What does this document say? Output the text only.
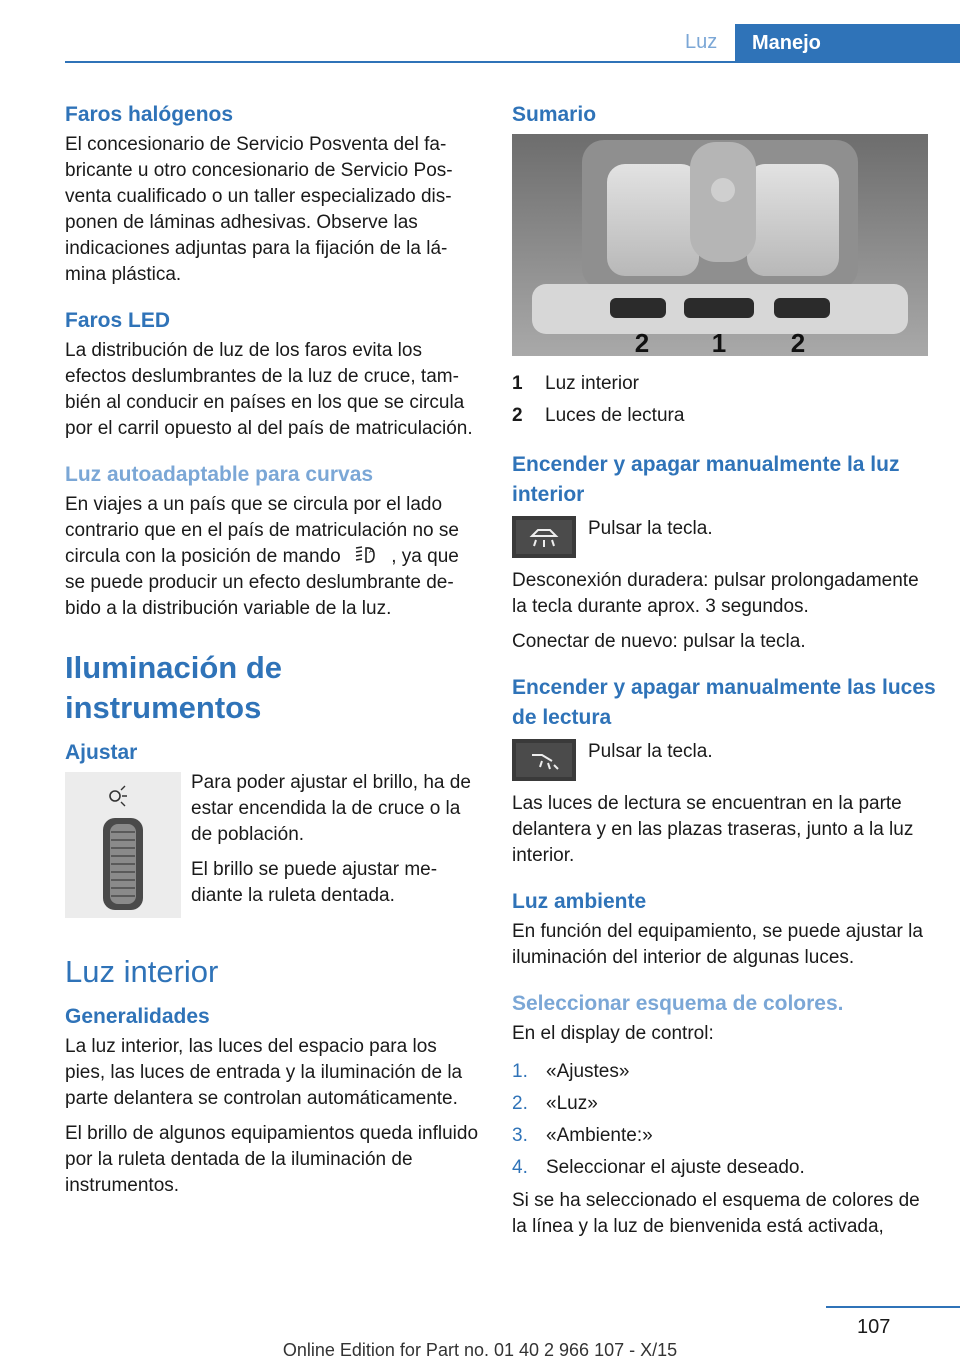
Luz	Manejo
Faros halógenos

El concesionario de Servicio Posventa del fabricante u otro concesionario de Servicio Posventa cualificado o un taller especializado disponen de láminas adhesivas. Observe las indicaciones adjuntas para la fijación de la lámina plástica.

Faros LED

La distribución de luz de los faros evita los efectos deslumbrantes de la luz de cruce, también al conducir en países en los que se circula por el carril opuesto al del país de matriculación.

Luz autoadaptable para curvas

En viajes a un país que se circula por el lado contrario que en el país de matriculación no se circula con la posición de mando	A , ya que se puede producir un efecto deslumbrante debido a la distribución variable de la luz.

Iluminación de instrumentos
Ajustar

Para poder ajustar el brillo, ha de estar encendida la de cruce o la de población.

El brillo se puede ajustar mediante la ruleta dentada.

Luz interior
Generalidades

La luz interior, las luces del espacio para los pies, las luces de entrada y la iluminación de la parte delantera se controlan automáticamente.

El brillo de algunos equipamientos queda influido por la ruleta dentada de la iluminación de instrumentos.

Sumario
2 1 2
1	Luz interior
2	Luces de lectura
Encender y apagar manualmente la luz interior
Pulsar la tecla.

Desconexión duradera: pulsar prolongadamente la tecla durante aprox. 3 segundos.

Conectar de nuevo: pulsar la tecla.

Encender y apagar manualmente las luces de lectura
Pulsar la tecla.

Las luces de lectura se encuentran en la parte delantera y en las plazas traseras, junto a la luz interior.

Luz ambiente

En función del equipamiento, se puede ajustar la iluminación del interior de algunas luces.

Seleccionar esquema de colores.

En el display de control:

1. «Ajustes»
2. «Luz»
3. «Ambiente:»
4. Seleccionar el ajuste deseado.

Si se ha seleccionado el esquema de colores de la línea y la luz de bienvenida está activada,

107
Online Edition for Part no. 01 40 2 966 107 - X/15
